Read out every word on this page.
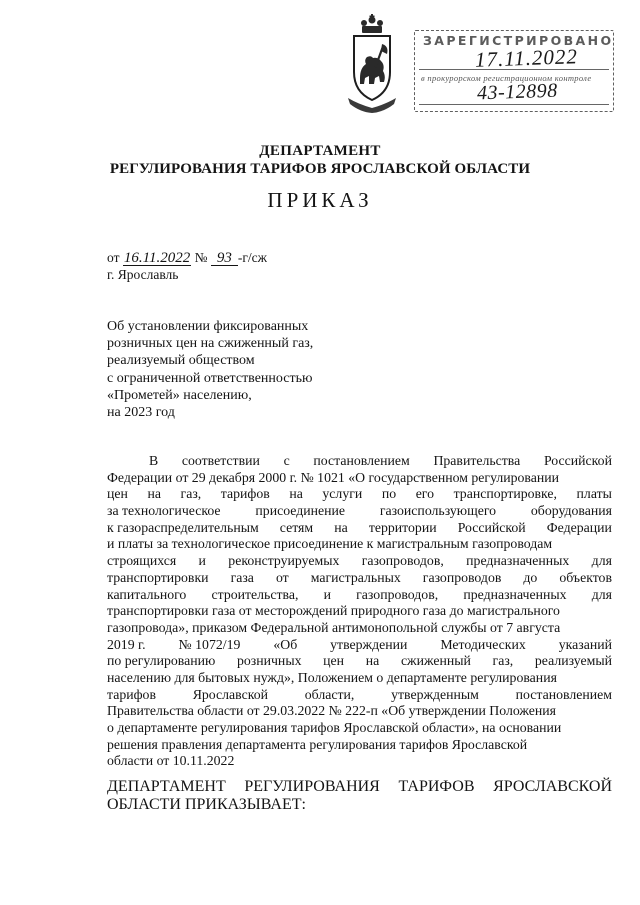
ЗАРЕГИСТРИРОВАНО
17.11.2022
в прокурорском регистрационном контроле
43-12898
ДЕПАРТАМЕНТ
РЕГУЛИРОВАНИЯ ТАРИФОВ ЯРОСЛАВСКОЙ ОБЛАСТИ
ПРИКАЗ
от 16.11.2022 № 93 -г/сж
г. Ярославль
Об установлении фиксированных
розничных цен на сжиженный газ,
реализуемый обществом
с ограниченной ответственностью
«Прометей» населению,
на 2023 год
В соответствии с постановлением Правительства Российской
Федерации от 29 декабря 2000 г. № 1021 «О государственном регулировании
цен на газ, тарифов на услуги по его транспортировке, платы
за технологическое	присоединение	газоиспользующего	оборудования
к газораспределительным сетям на территории Российской Федерации
и платы за технологическое присоединение к магистральным газопроводам
строящихся и реконструируемых газопроводов, предназначенных для
транспортировки газа от магистральных газопроводов до объектов
капитального строительства, и газопроводов, предназначенных для
транспортировки газа от месторождений природного газа до магистрального
газопровода», приказом Федеральной антимонопольной службы от 7 августа
2019 г. № 1072/19 «Об утверждении Методических указаний
по регулированию розничных цен на сжиженный газ, реализуемый
населению для бытовых нужд», Положением о департаменте регулирования
тарифов	Ярославской	области,	утвержденным	постановлением
Правительства области от 29.03.2022 № 222-п «Об утверждении Положения
о департаменте регулирования тарифов Ярославской области», на основании
решения правления департамента регулирования тарифов Ярославской
области от 10.11.2022
ДЕПАРТАМЕНТ РЕГУЛИРОВАНИЯ ТАРИФОВ ЯРОСЛАВСКОЙ
ОБЛАСТИ ПРИКАЗЫВАЕТ:
